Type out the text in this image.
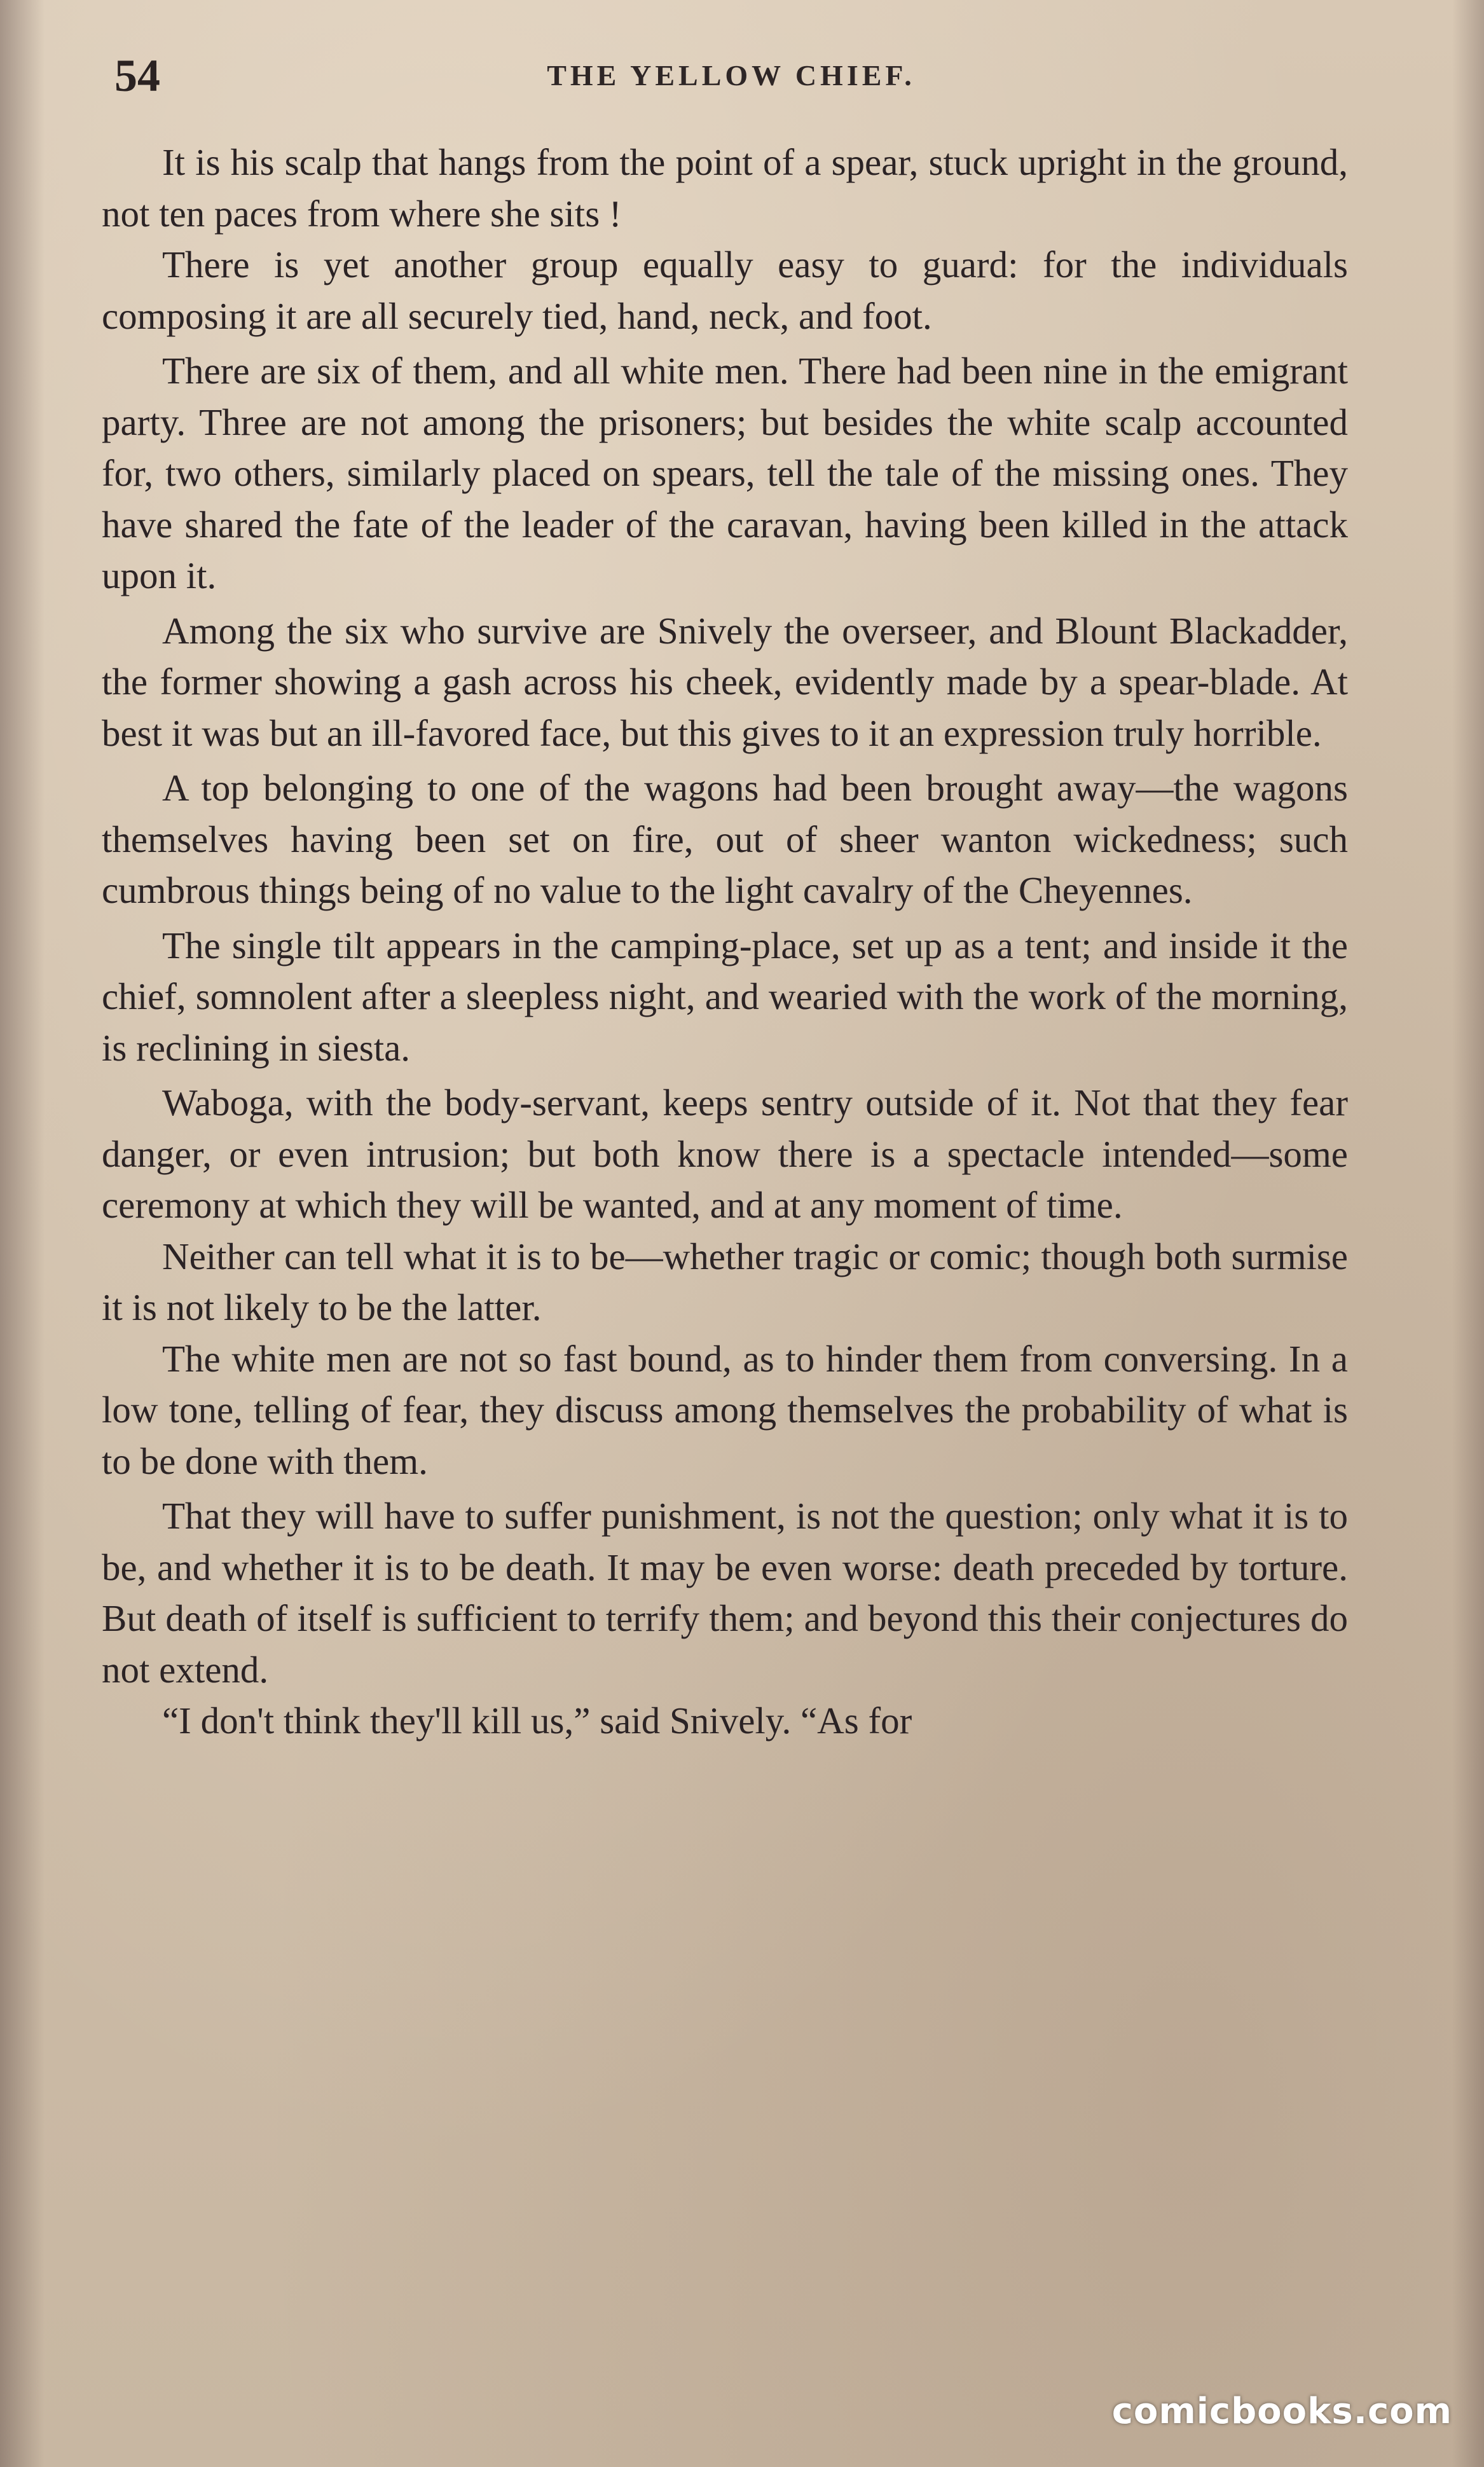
54	THE YELLOW CHIEF.

It is his scalp that hangs from the point of a spear, stuck upright in the ground, not ten paces from where she sits !

There is yet another group equally easy to guard: for the individuals composing it are all securely tied, hand, neck, and foot.

There are six of them, and all white men. There had been nine in the emigrant party. Three are not among the prisoners; but besides the white scalp accounted for, two others, similarly placed on spears, tell the tale of the missing ones. They have shared the fate of the leader of the caravan, having been killed in the attack upon it.

Among the six who survive are Snively the overseer, and Blount Blackadder, the former showing a gash across his cheek, evidently made by a spear-blade. At best it was but an ill-favored face, but this gives to it an expression truly horrible.

A top belonging to one of the wagons had been brought away—the wagons themselves having been set on fire, out of sheer wanton wickedness; such cumbrous things being of no value to the light cavalry of the Cheyennes.

The single tilt appears in the camping-place, set up as a tent; and inside it the chief, somnolent after a sleepless night, and wearied with the work of the morning, is reclining in siesta.

Waboga, with the body-servant, keeps sentry outside of it. Not that they fear danger, or even intrusion; but both know there is a spectacle intended—some ceremony at which they will be wanted, and at any moment of time.

Neither can tell what it is to be—whether tragic or comic; though both surmise it is not likely to be the latter.

The white men are not so fast bound, as to hinder them from conversing. In a low tone, telling of fear, they discuss among themselves the probability of what is to be done with them.

That they will have to suffer punishment, is not the question; only what it is to be, and whether it is to be death. It may be even worse: death preceded by torture. But death of itself is sufficient to terrify them; and beyond this their conjectures do not extend.

“I don't think they'll kill us,” said Snively. “As for

comicbooks.com
